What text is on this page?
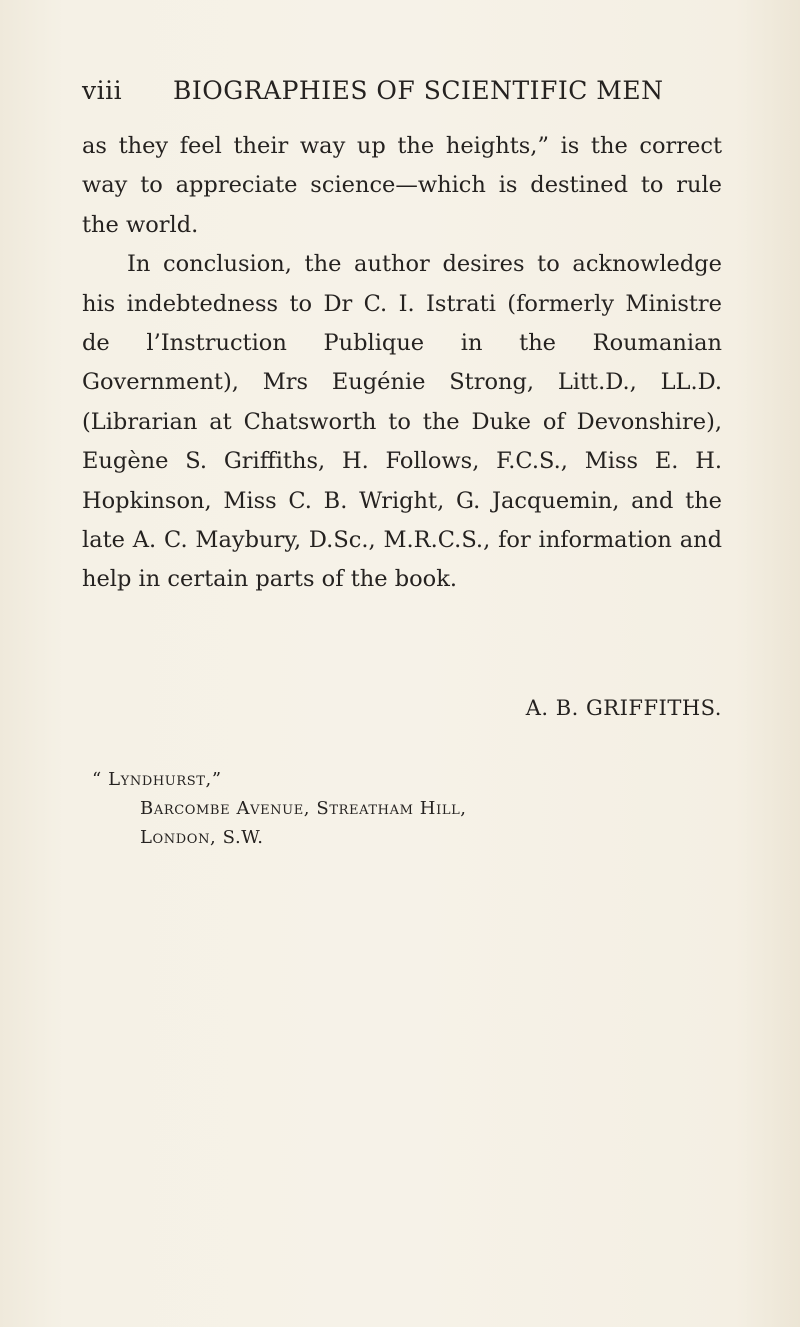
viii BIOGRAPHIES OF SCIENTIFIC MEN

as they feel their way up the heights,” is the correct way to appreciate science—which is destined to rule the world.

In conclusion, the author desires to acknowledge his indebtedness to Dr C. I. Istrati (formerly Ministre de l’Instruction Publique in the Roumanian Government), Mrs Eugénie Strong, Litt.D., LL.D. (Librarian at Chatsworth to the Duke of Devonshire), Eugène S. Griffiths, H. Follows, F.C.S., Miss E. H. Hopkinson, Miss C. B. Wright, G. Jacquemin, and the late A. C. Maybury, D.Sc., M.R.C.S., for information and help in certain parts of the book.

A. B. GRIFFITHS.
“ Lyndhurst,”
Barcombe Avenue, Streatham Hill,
London, S.W.
